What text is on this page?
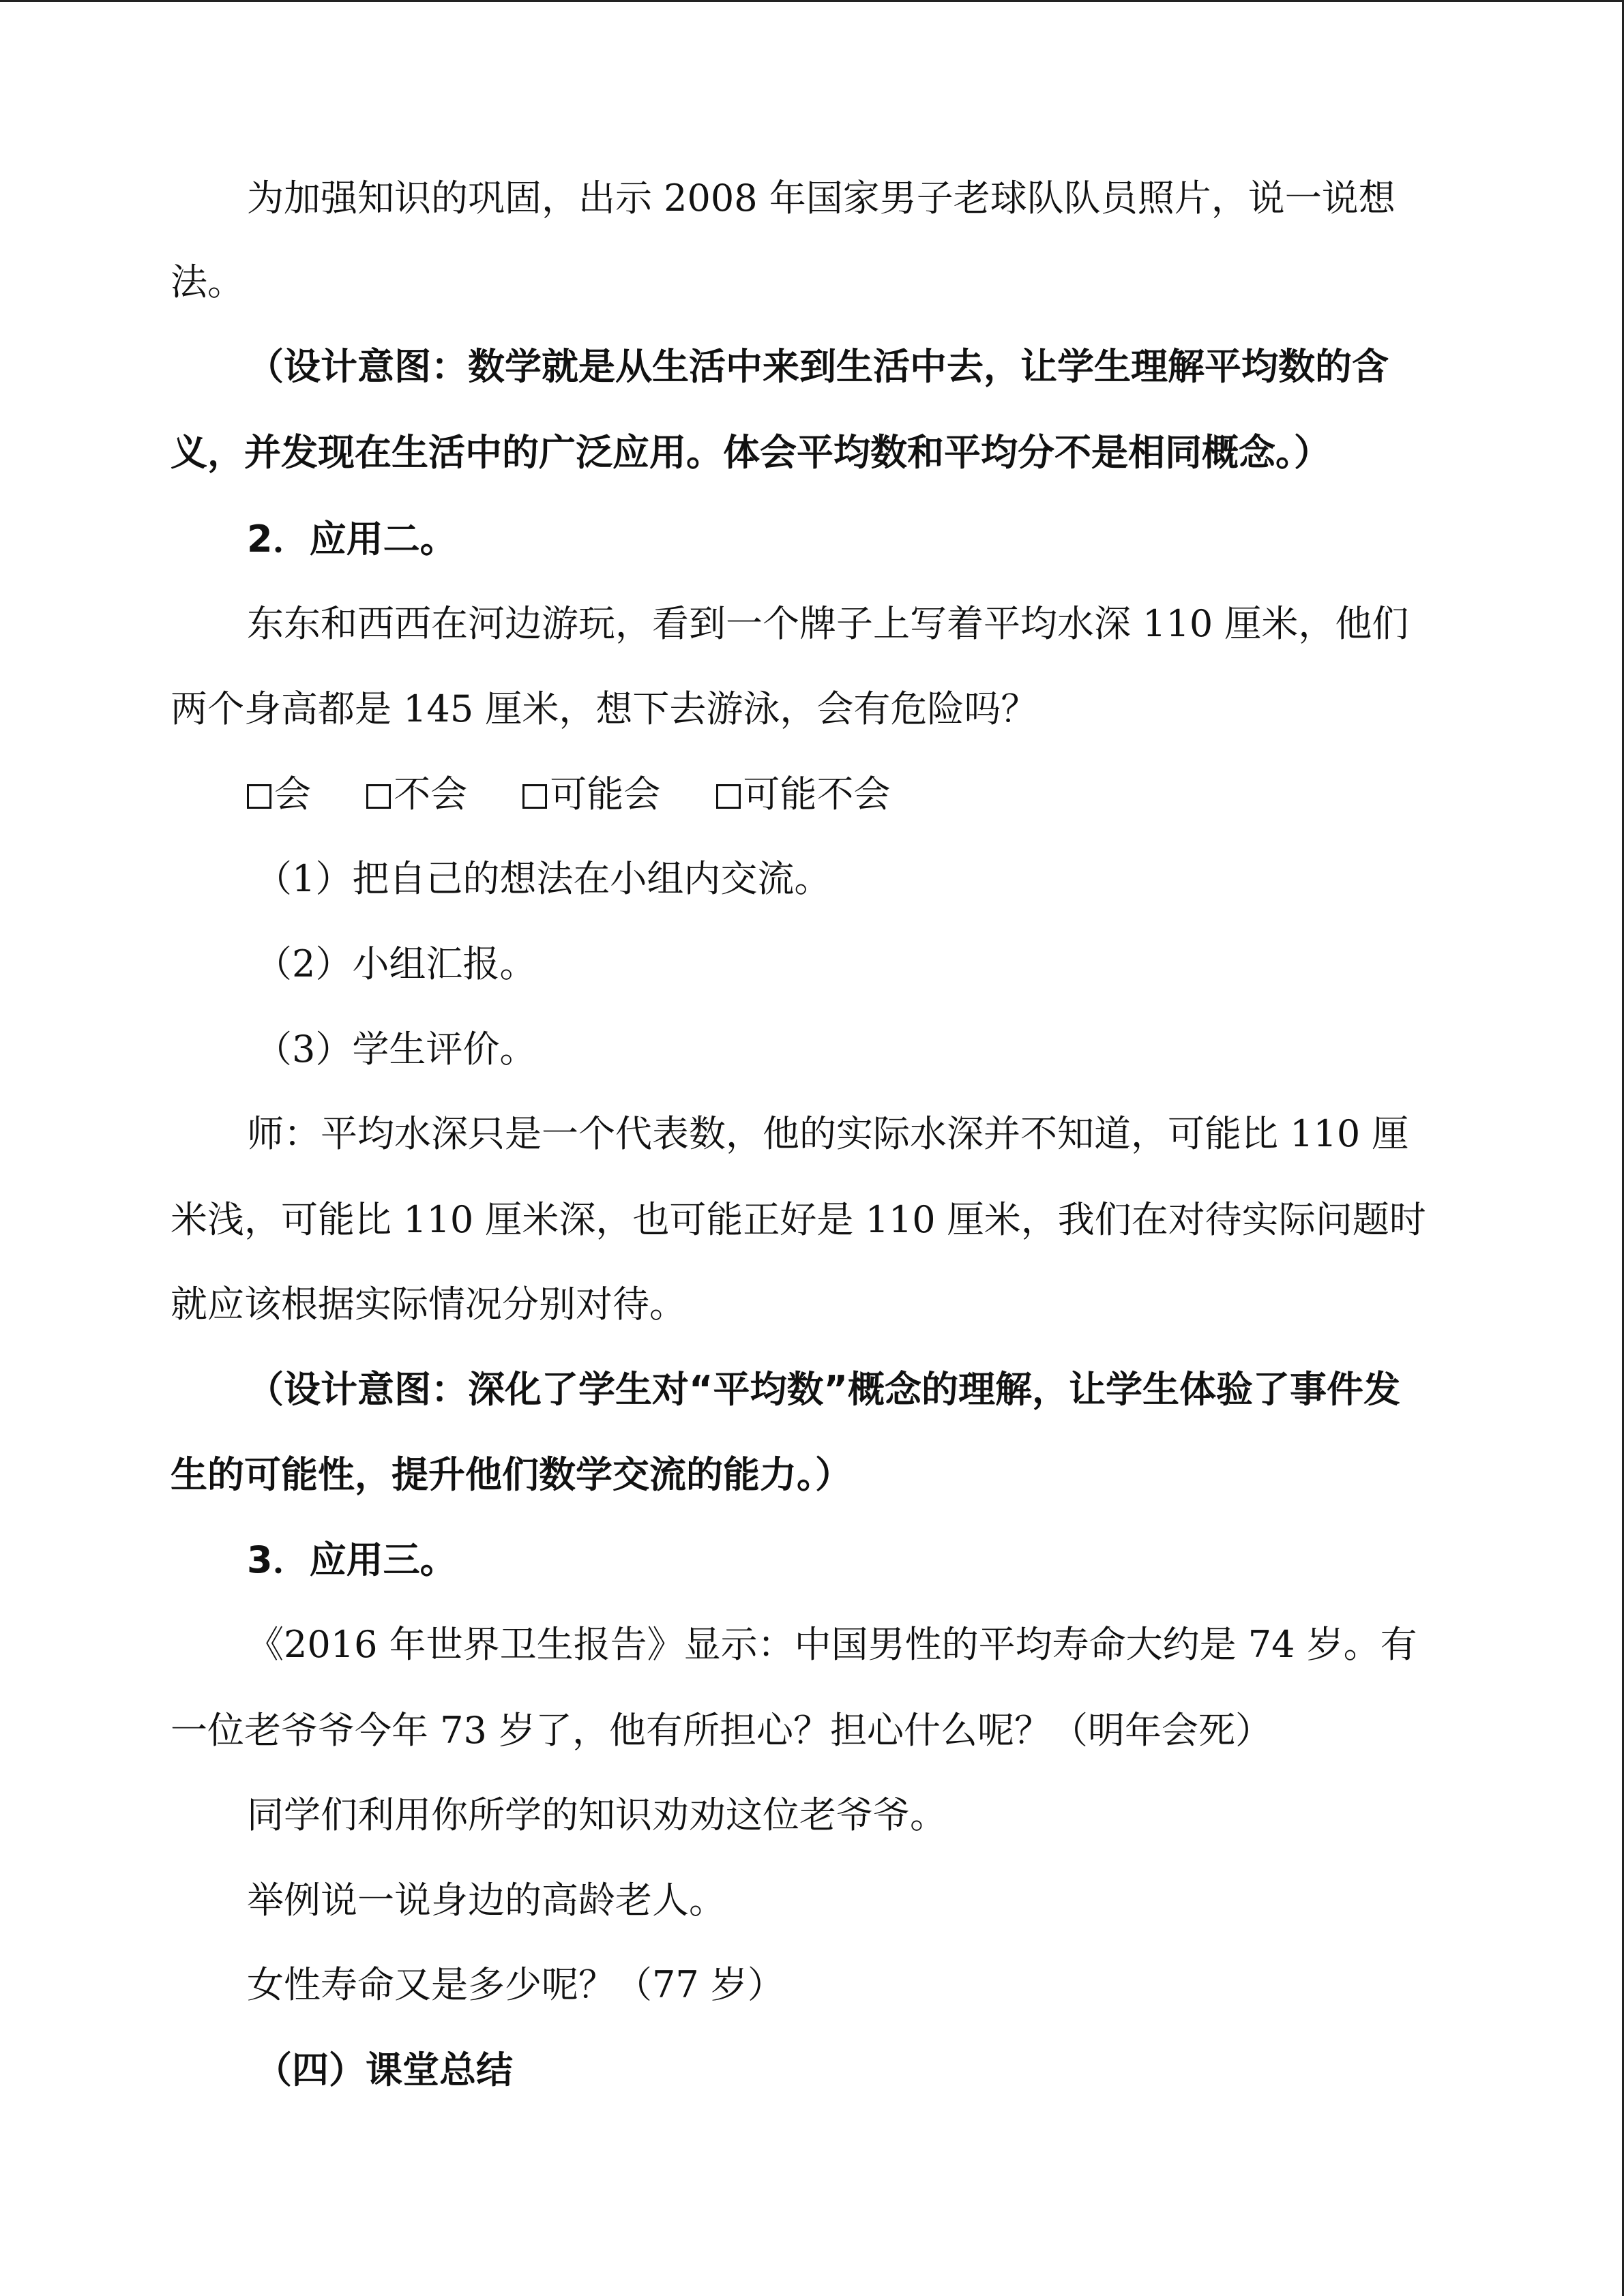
为加强知识的巩固，出示 2008 年国家男子老球队队员照片，说一说想
法。
（设计意图：数学就是从生活中来到生活中去，让学生理解平均数的含
义，并发现在生活中的广泛应用。体会平均数和平均分不是相同概念。）
2．应用二。
东东和西西在河边游玩，看到一个牌子上写着平均水深 110 厘米，他们
两个身高都是 145 厘米，想下去游泳，会有危险吗？
会 不会 可能会 可能不会
（1）把自己的想法在小组内交流。
（2）小组汇报。
（3）学生评价。
师：平均水深只是一个代表数，他的实际水深并不知道，可能比 110 厘
米浅，可能比 110 厘米深，也可能正好是 110 厘米，我们在对待实际问题时
就应该根据实际情况分别对待。
（设计意图：深化了学生对“平均数”概念的理解，让学生体验了事件发
生的可能性，提升他们数学交流的能力。）
3．应用三。
《2016 年世界卫生报告》显示：中国男性的平均寿命大约是 74 岁。有
一位老爷爷今年 73 岁了，他有所担心？担心什么呢？（明年会死）
同学们利用你所学的知识劝劝这位老爷爷。
举例说一说身边的高龄老人。
女性寿命又是多少呢？（77 岁）
（四）课堂总结
